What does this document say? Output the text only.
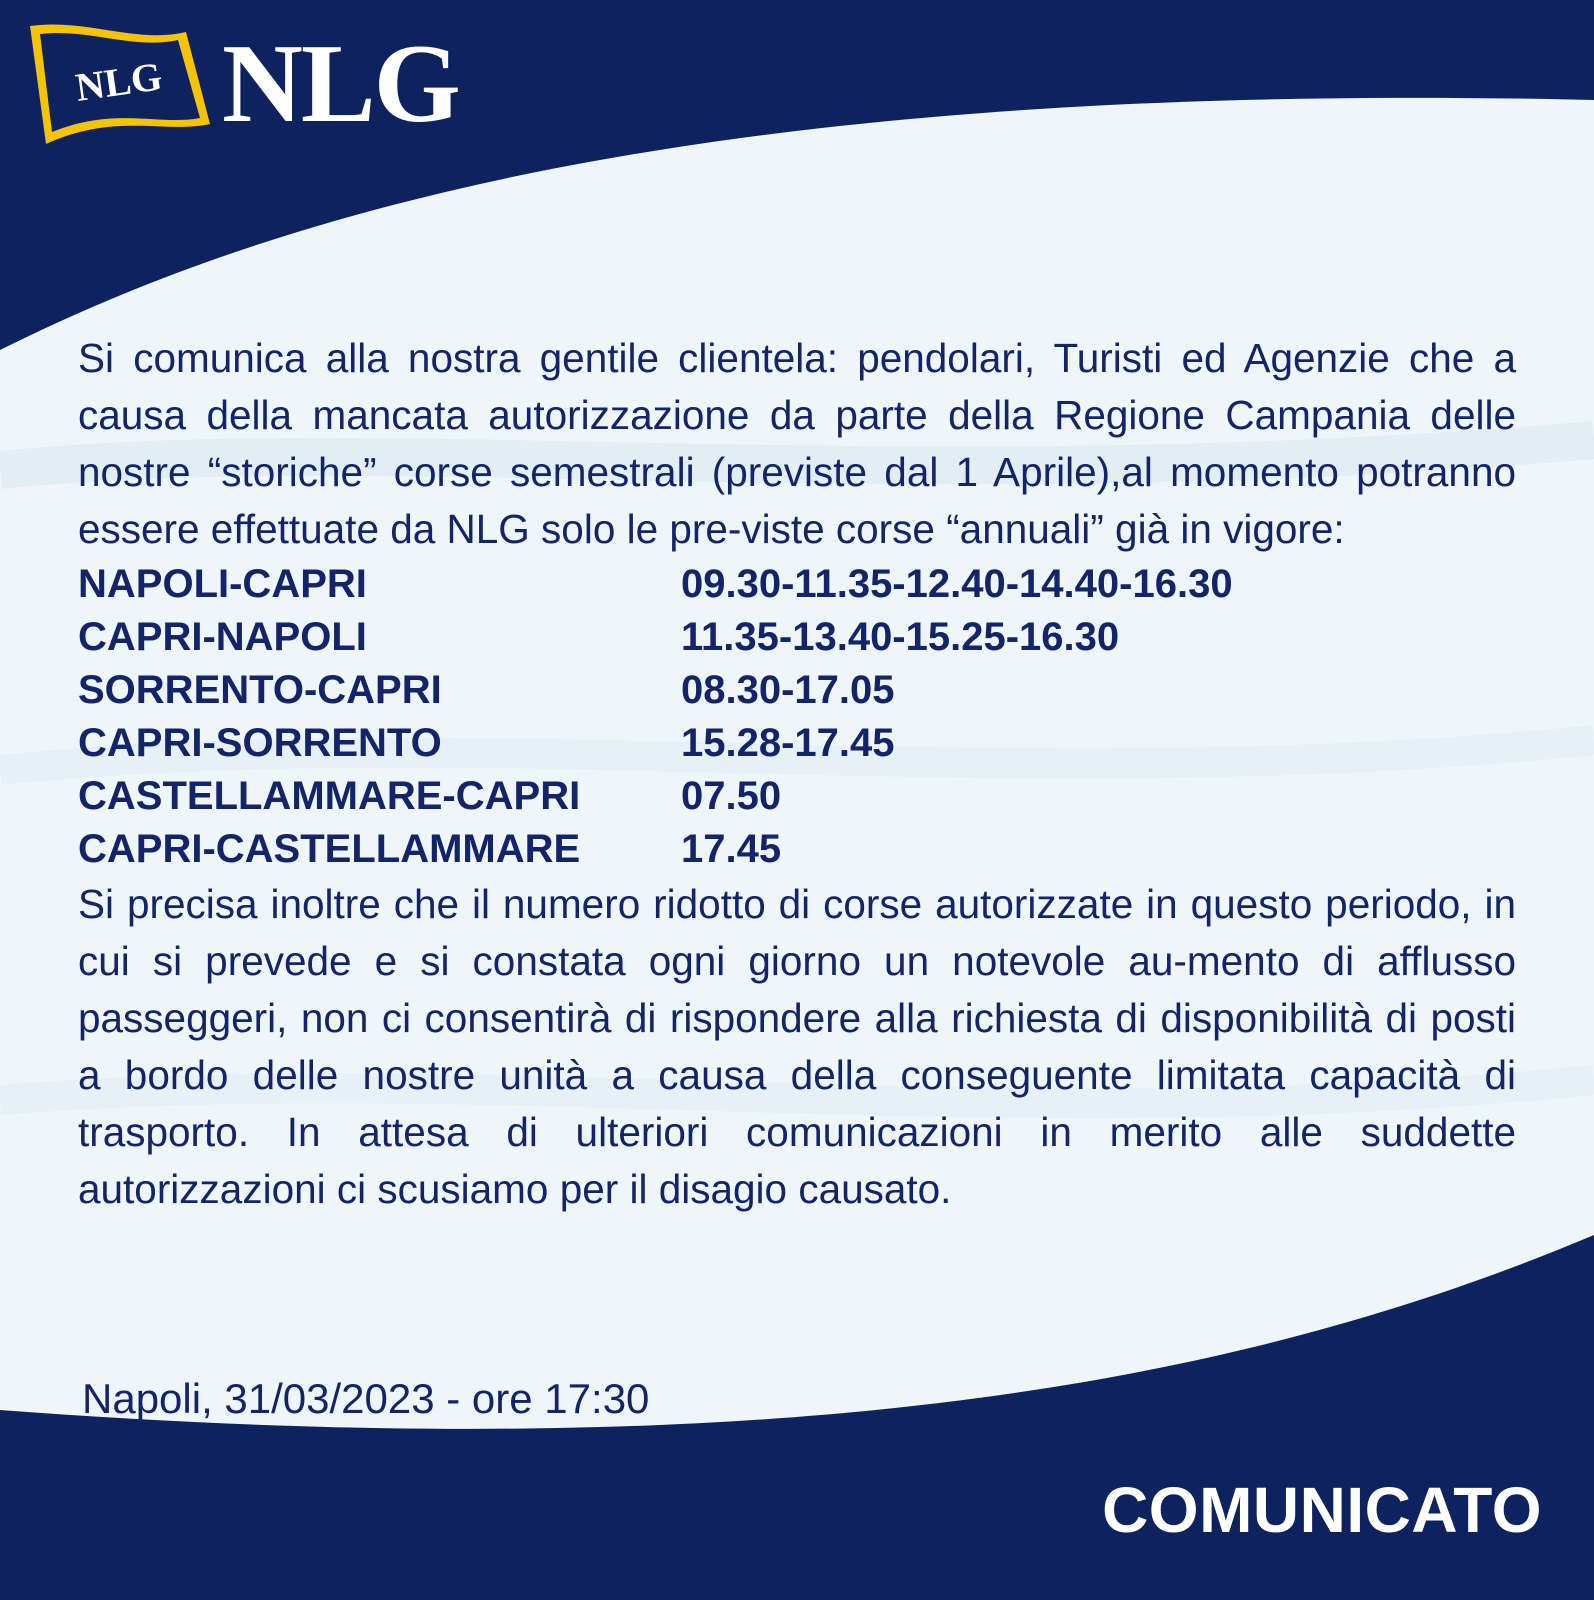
NLG NLG

Si comunica alla nostra gentile clientela: pendolari, Turisti ed Agenzie che a causa della mancata autorizzazione da parte della Regione Campania delle nostre “storiche” corse semestrali (previste dal 1 Aprile),al momento potranno essere effettuate da NLG solo le pre-viste corse “annuali” già in vigore:

NAPOLI-CAPRI	09.30-11.35-12.40-14.40-16.30
CAPRI-NAPOLI	11.35-13.40-15.25-16.30
SORRENTO-CAPRI	08.30-17.05
CAPRI-SORRENTO	15.28-17.45
CASTELLAMMARE-CAPRI	07.50
CAPRI-CASTELLAMMARE	17.45

Si precisa inoltre che il numero ridotto di corse autorizzate in questo periodo, in cui si prevede e si constata ogni giorno un notevole au-mento di afflusso passeggeri, non ci consentirà di rispondere alla richiesta di disponibilità di posti a bordo delle nostre unità a causa della conseguente limitata capacità di trasporto. In attesa di ulteriori comunicazioni in merito alle suddette autorizzazioni ci scusiamo per il disagio causato.

Napoli, 31/03/2023 - ore 17:30
COMUNICATO
